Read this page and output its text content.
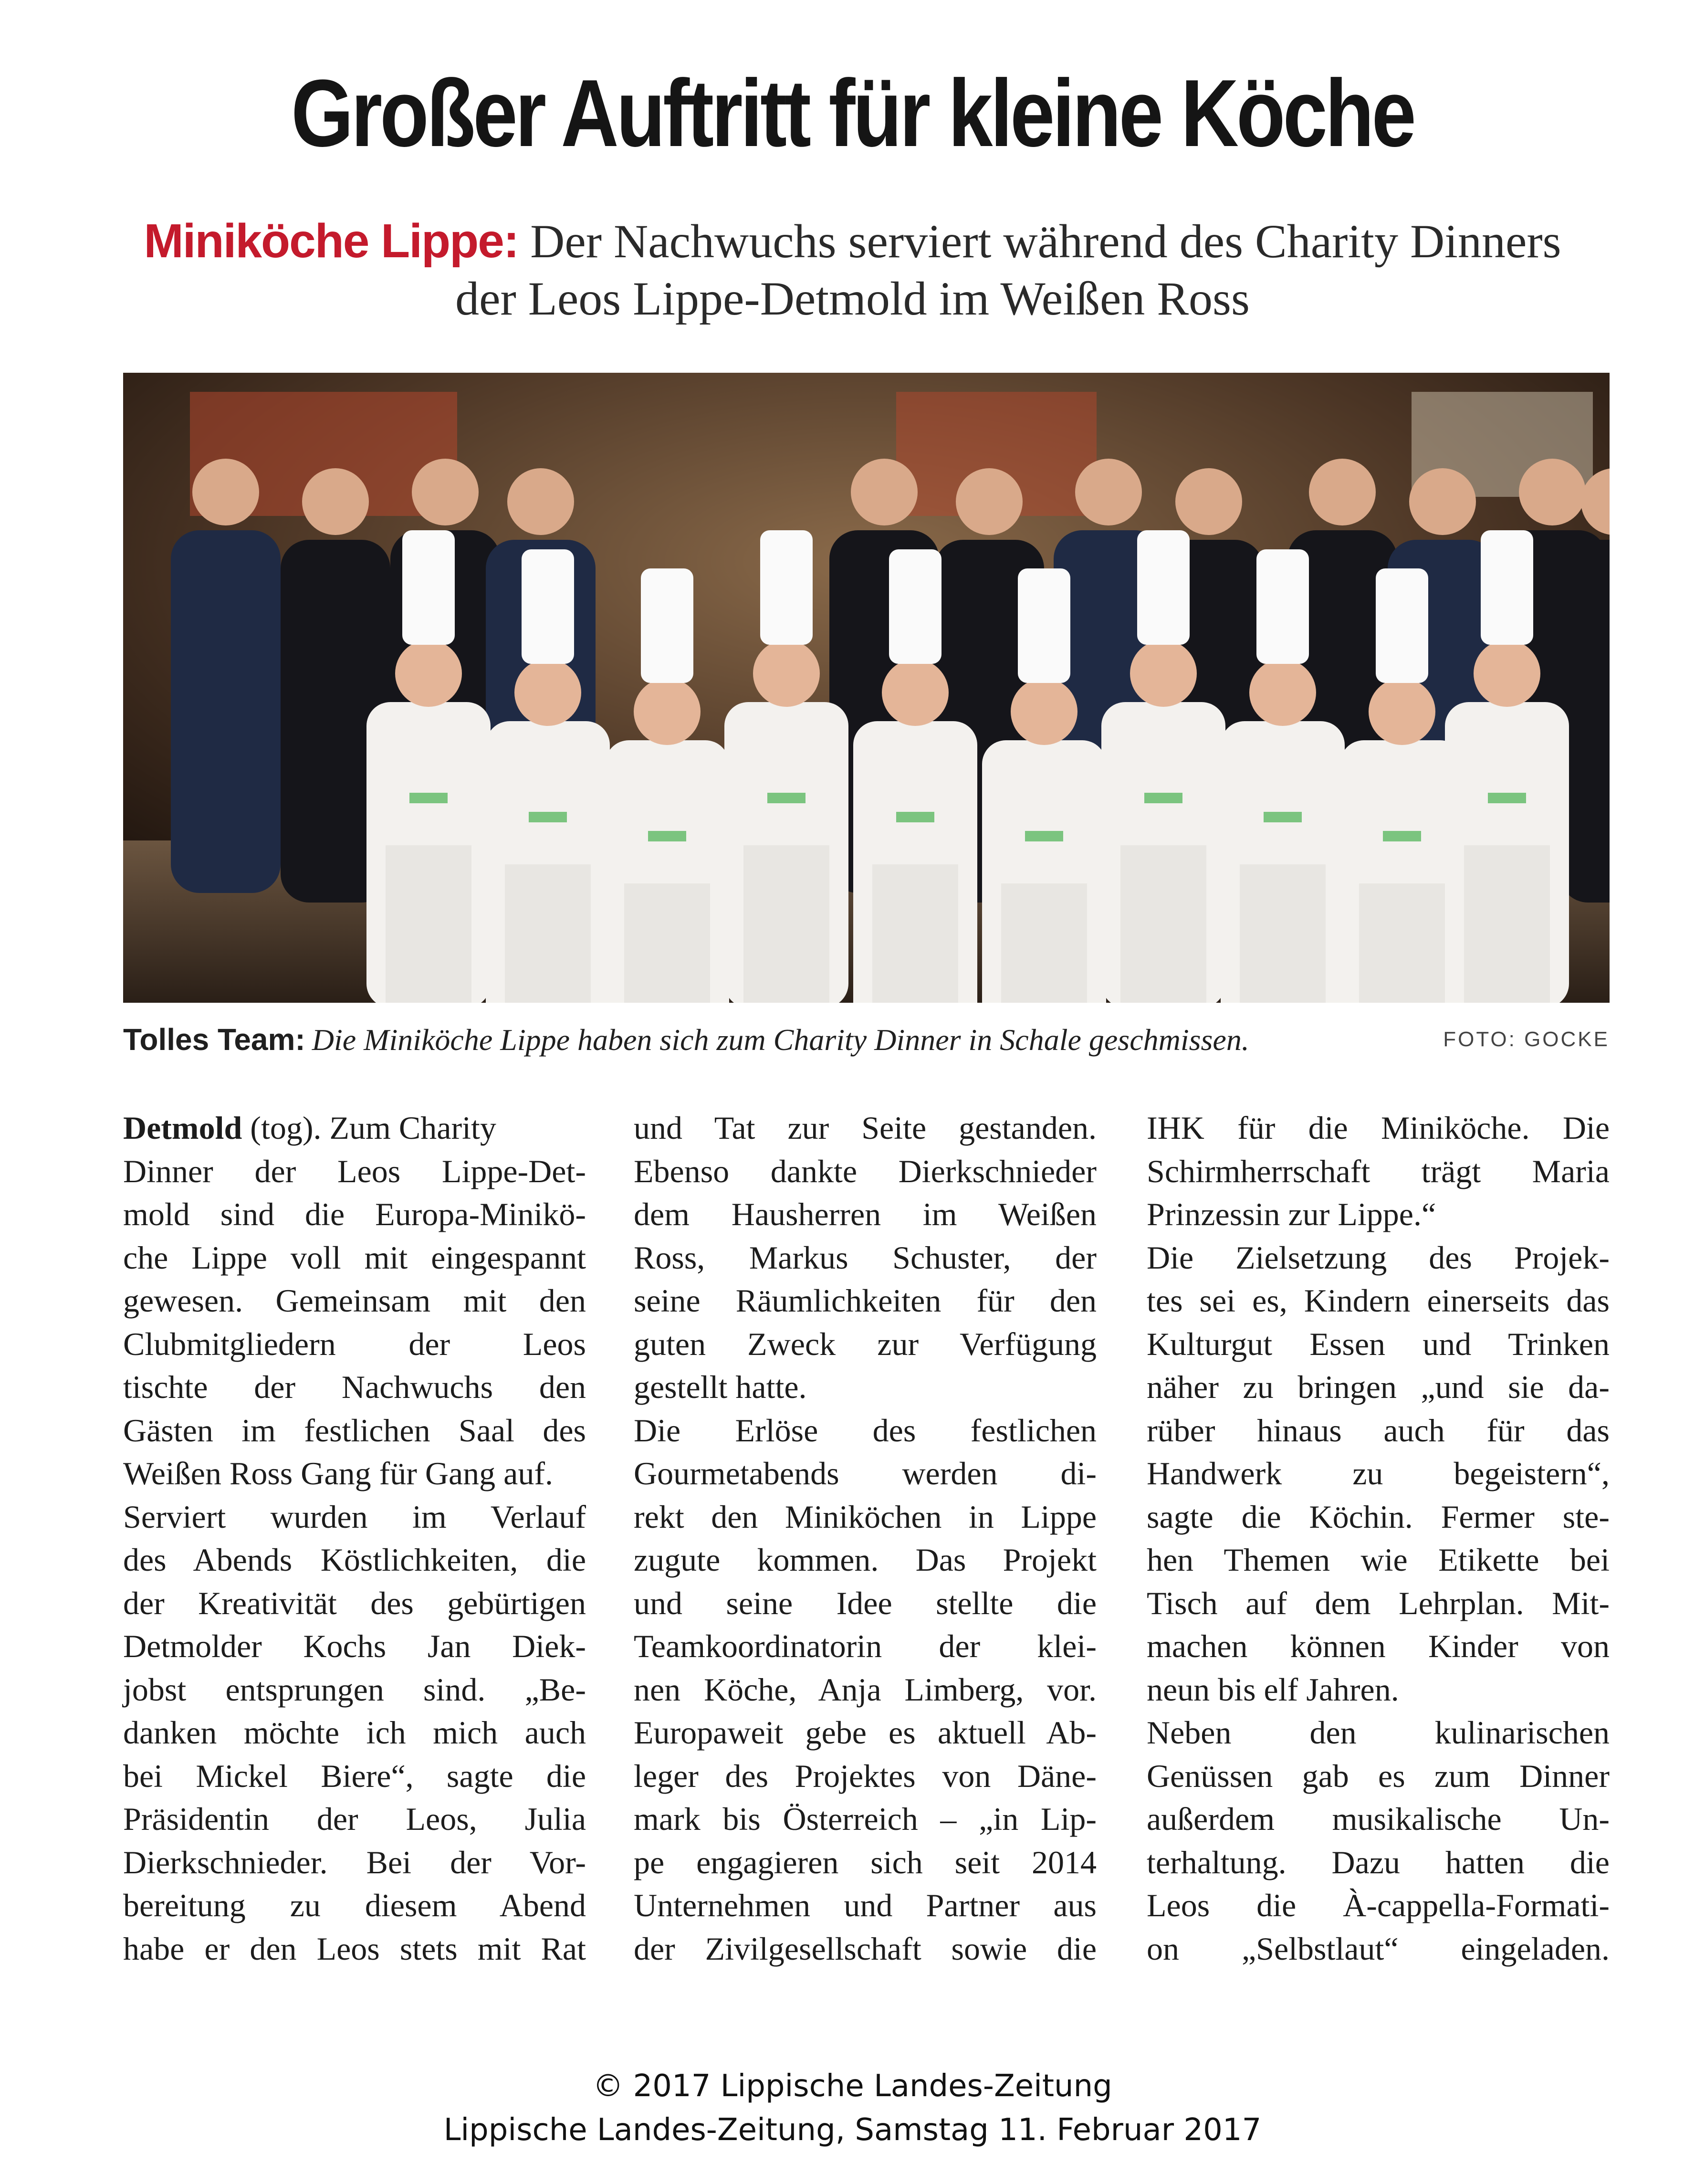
Großer Auftritt für kleine Köche
Miniköche Lippe: Der Nachwuchs serviert während des Charity Dinners
der Leos Lippe-Detmold im Weißen Ross
Tolles Team: Die Miniköche Lippe haben sich zum Charity Dinner in Schale geschmissen.	FOTO: GOCKE
Detmold (tog). Zum Charity
Dinner der Leos Lippe-Det-
mold sind die Europa-Minikö-
che Lippe voll mit eingespannt
gewesen. Gemeinsam mit den
Clubmitgliedern der Leos
tischte der Nachwuchs den
Gästen im festlichen Saal des
Weißen Ross Gang für Gang auf.
Serviert wurden im Verlauf
des Abends Köstlichkeiten, die
der Kreativität des gebürtigen
Detmolder Kochs Jan Diek-
jobst entsprungen sind. „Be-
danken möchte ich mich auch
bei Mickel Biere“, sagte die
Präsidentin der Leos, Julia
Dierkschnieder. Bei der Vor-
bereitung zu diesem Abend
habe er den Leos stets mit Rat
und Tat zur Seite gestanden.
Ebenso dankte Dierkschnieder
dem Hausherren im Weißen
Ross, Markus Schuster, der
seine Räumlichkeiten für den
guten Zweck zur Verfügung
gestellt hatte.
Die Erlöse des festlichen
Gourmetabends werden di-
rekt den Miniköchen in Lippe
zugute kommen. Das Projekt
und seine Idee stellte die
Teamkoordinatorin der klei-
nen Köche, Anja Limberg, vor.
Europaweit gebe es aktuell Ab-
leger des Projektes von Däne-
mark bis Österreich – „in Lip-
pe engagieren sich seit 2014
Unternehmen und Partner aus
der Zivilgesellschaft sowie die
IHK für die Miniköche. Die
Schirmherrschaft trägt Maria
Prinzessin zur Lippe.“
Die Zielsetzung des Projek-
tes sei es, Kindern einerseits das
Kulturgut Essen und Trinken
näher zu bringen „und sie da-
rüber hinaus auch für das
Handwerk zu begeistern“,
sagte die Köchin. Fermer ste-
hen Themen wie Etikette bei
Tisch auf dem Lehrplan. Mit-
machen können Kinder von
neun bis elf Jahren.
Neben den kulinarischen
Genüssen gab es zum Dinner
außerdem musikalische Un-
terhaltung. Dazu hatten die
Leos die À-cappella-Formati-
on „Selbstlaut“ eingeladen.
© 2017 Lippische Landes-Zeitung
Lippische Landes-Zeitung, Samstag 11. Februar 2017
